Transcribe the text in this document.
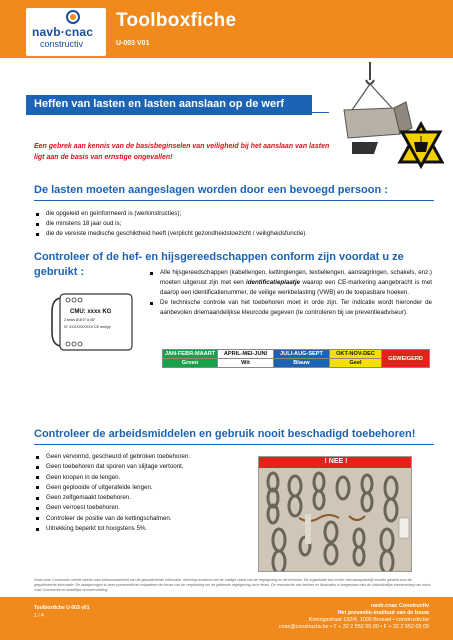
navb·cnac
constructiv
Toolboxfiche
U-003 V01
Heffen van lasten en lasten aanslaan op de werf
Een gebrek aan kennis van de basisbeginselen van veiligheid bij het aanslaan van lasten ligt aan de basis van ernstige ongevallen!
De lasten moeten aangeslagen worden door een bevoegd persoon :
die opgeleid en geïnformeerd is (werkinstructies);
die minstens 18 jaar oud is;
die de vereiste medische geschiktheid heeft (verplicht gezondheidstoezicht / veiligheidsfunctie).
Controleer of de hef- en hijsgereedschappen conform zijn voordat u ze gebruikt :
CMU: xxxx KG
2 brins Ø,8 0° à 45°
N° XXXXXXXXXX CE mm/yy
Alle hijsgereedschappen (kabellengen, kettinglengen, textiellengen, aanslagringen, schakels, enz.) moeten uitgerust zijn met een identificatieplaatje waarop een CE-markering aangebracht is met daarop een identificatienummer, de veilige werkbelasting (VWB) en de toepasbare hoeken.
De technische controle van het toebehoren moet in orde zijn. Ter indicatie wordt hieronder de aanbevolen driemaandelijkse kleurcode gegeven (te controleren bij uw preventieadviseur).
JAN-FEBR-MAART	APRIL-MEI-JUNI	JULI-AUG-SEPT	OKT-NOV-DEC	GEWEIGERD
Groen	Wit	Blauw	Geel	
Controleer de arbeidsmiddelen en gebruik nooit beschadigd toebehoren!
Geen vervormd, gescheurd of gebroken toebehoren.
Geen toebehoren dat sporen van slijtage vertoont.
Geen knopen in de lengen.
Geen geplooide of uitgerafelde lengen.
Geen zelfgemaakt toebehoren.
Geen verroest toebehoren.
Controleer de positie van de kettingschalmen.
Uitrekking beperkt tot hoogstens 5%.
! NEE !
Navb-cnac Constructiv streeft steeds naar betrouwbaarheid van de gepubliceerde informatie, rekening houdend met de huidige stand van de regelgeving en de techniek. De organisatie kan echter niet aansprakelijk worden gesteld voor de gepubliceerde informatie. De raadgevingen in deze preventiefiche omkaderen de keuze van de verplichting om de geldende regelgeving na te leven. De reproductie van teksten en illustraties is toegestaan mits de uitdrukkelijke toestemming van navb-cnac Constructiv en duidelijke bronvermelding.
Toolboxfiche U-003 v01
1 / 4
navb-cnac Constructiv
Het preventie-instituut van de bouw
Koningsstraat 132/4, 1000 Brussel • constructiv.be
cnac@constructiv.be • T + 32 2 552 05 00 • F + 32 2 552 05 05
